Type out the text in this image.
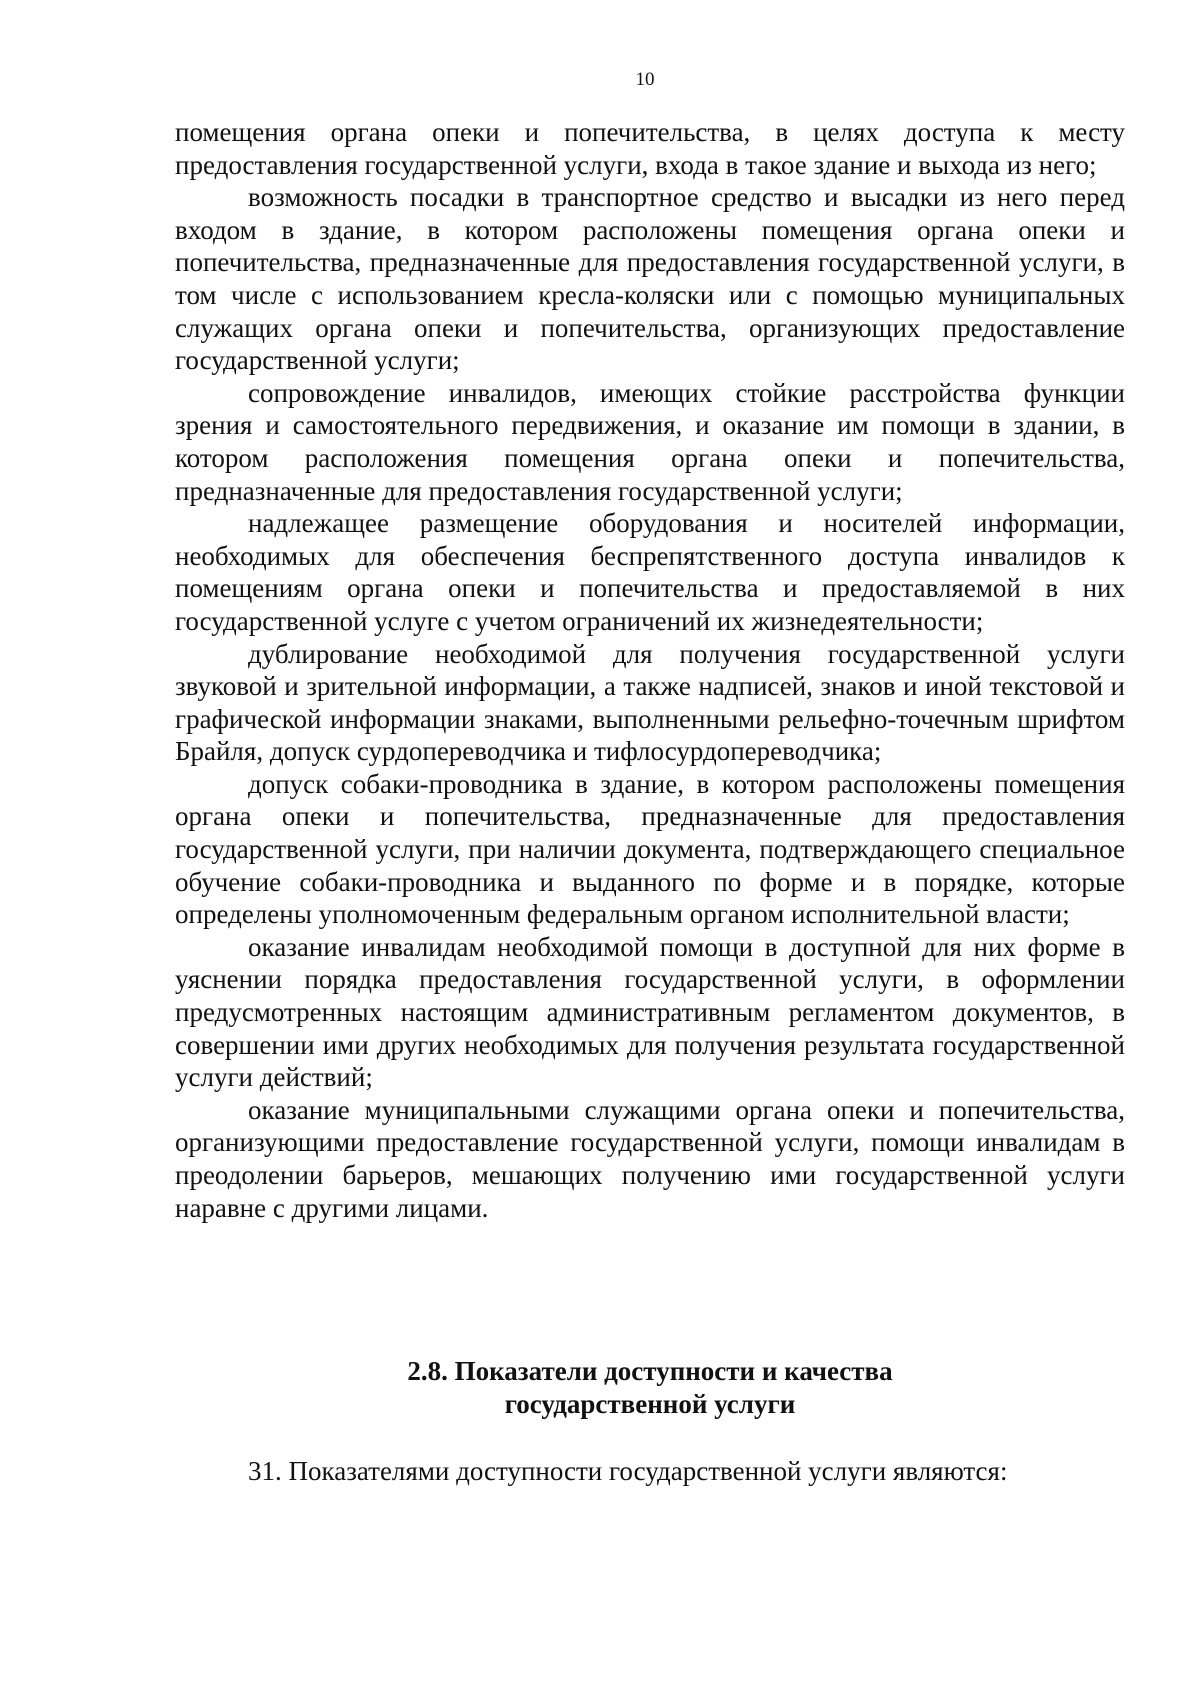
10

помещения органа опеки и попечительства, в целях доступа к месту предоставления государственной услуги, входа в такое здание и выхода из него;

возможность посадки в транспортное средство и высадки из него перед входом в здание, в котором расположены помещения органа опеки и попечительства, предназначенные для предоставления государственной услуги, в том числе с использованием кресла-коляски или с помощью муниципальных служащих органа опеки и попечительства, организующих предоставление государственной услуги;

сопровождение инвалидов, имеющих стойкие расстройства функции зрения и самостоятельного передвижения, и оказание им помощи в здании, в котором расположения помещения органа опеки и попечительства, предназначенные для предоставления государственной услуги;

надлежащее размещение оборудования и носителей информации, необходимых для обеспечения беспрепятственного доступа инвалидов к помещениям органа опеки и попечительства и предоставляемой в них государственной услуге с учетом ограничений их жизнедеятельности;

дублирование необходимой для получения государственной услуги звуковой и зрительной информации, а также надписей, знаков и иной текстовой и графической информации знаками, выполненными рельефно-точечным шрифтом Брайля, допуск сурдопереводчика и тифлосурдопереводчика;

допуск собаки-проводника в здание, в котором расположены помещения органа опеки и попечительства, предназначенные для предоставления государственной услуги, при наличии документа, подтверждающего специальное обучение собаки-проводника и выданного по форме и в порядке, которые определены уполномоченным федеральным органом исполнительной власти;

оказание инвалидам необходимой помощи в доступной для них форме в уяснении порядка предоставления государственной услуги, в оформлении предусмотренных настоящим административным регламентом документов, в совершении ими других необходимых для получения результата государственной услуги действий;

оказание муниципальными служащими органа опеки и попечительства, организующими предоставление государственной услуги, помощи инвалидам в преодолении барьеров, мешающих получению ими государственной услуги наравне с другими лицами.

2.8. Показатели доступности и качества
государственной услуги

31. Показателями доступности государственной услуги являются:
